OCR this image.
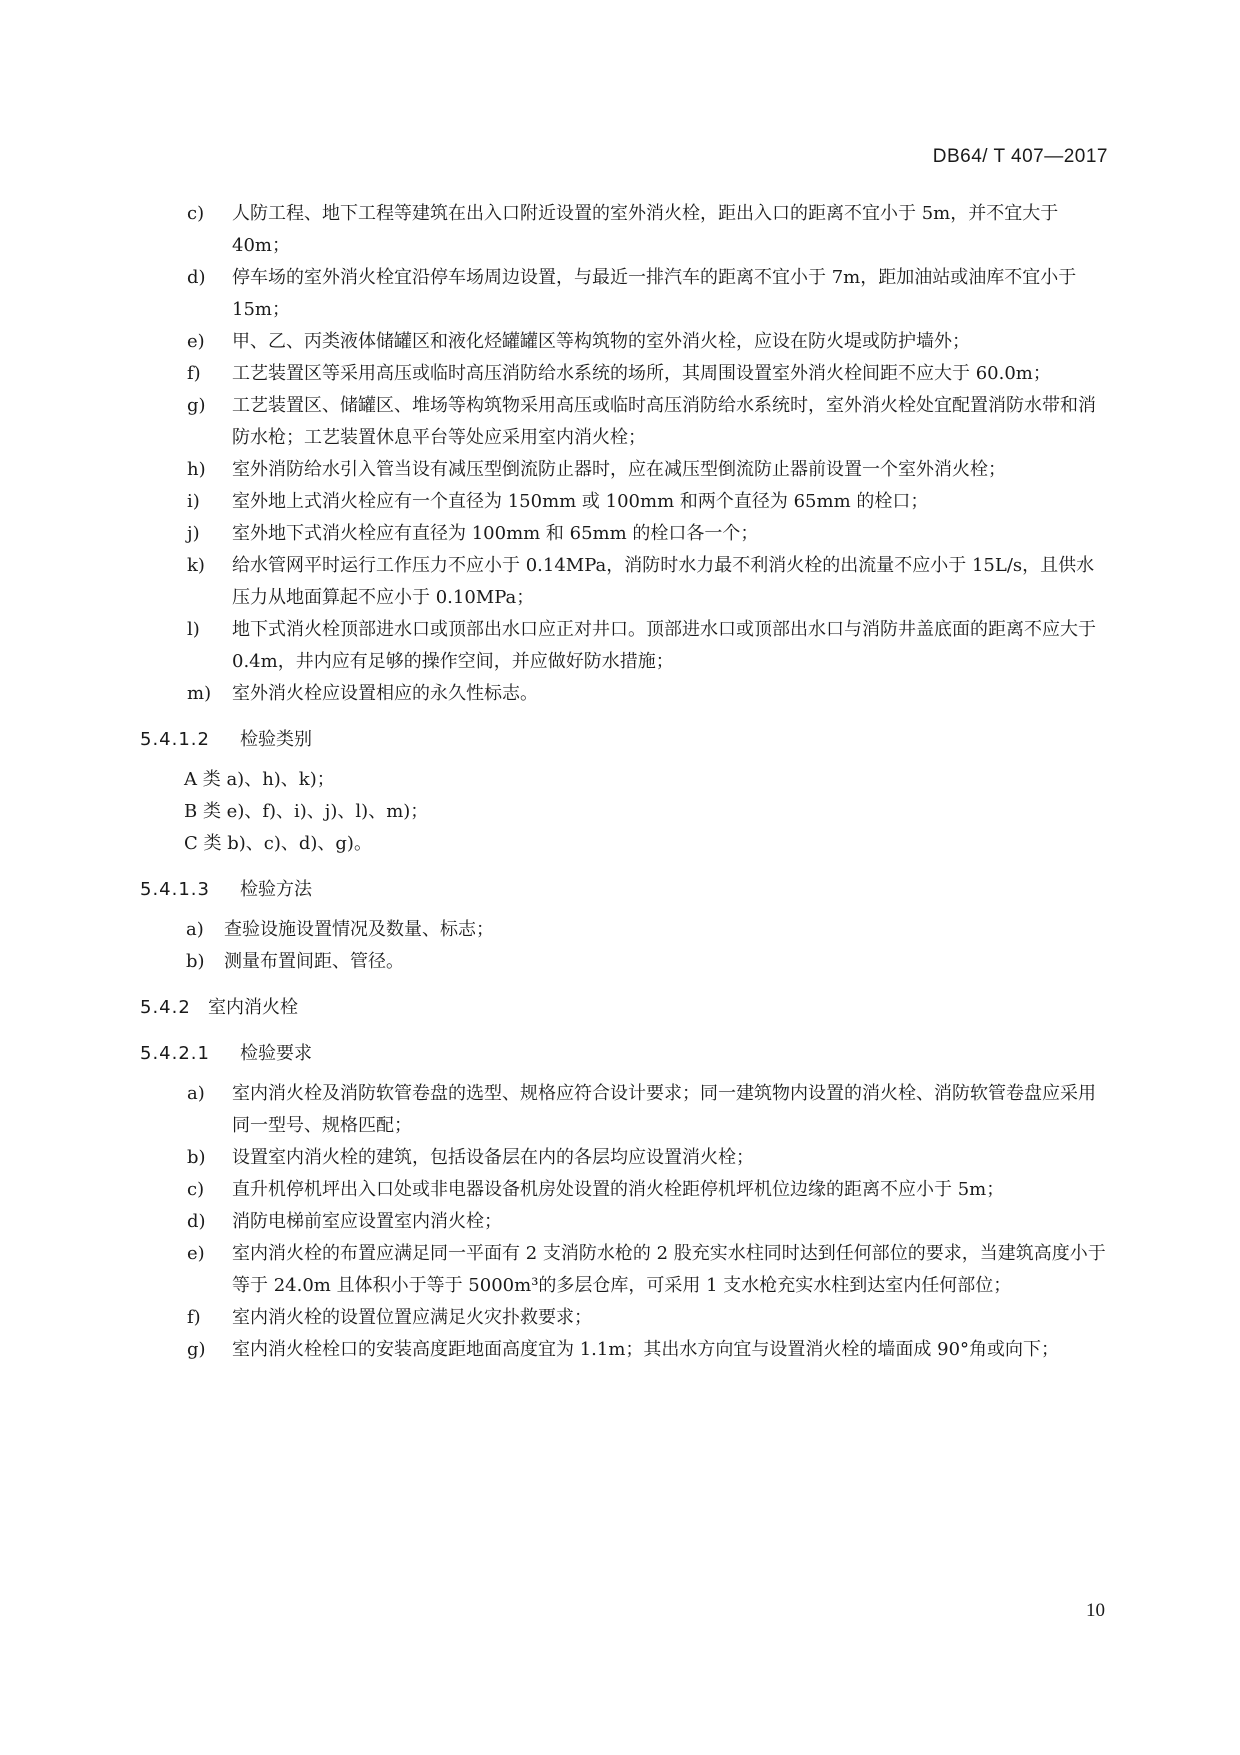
DB64/ T 407—2017
c)	人防工程、地下工程等建筑在出入口附近设置的室外消火栓，距出入口的距离不宜小于 5m，并不宜大于 40m；
d)	停车场的室外消火栓宜沿停车场周边设置，与最近一排汽车的距离不宜小于 7m，距加油站或油库不宜小于 15m；
e)	甲、乙、丙类液体储罐区和液化烃罐罐区等构筑物的室外消火栓，应设在防火堤或防护墙外；
f)	工艺装置区等采用高压或临时高压消防给水系统的场所，其周围设置室外消火栓间距不应大于 60.0m；
g)	工艺装置区、储罐区、堆场等构筑物采用高压或临时高压消防给水系统时，室外消火栓处宜配置消防水带和消防水枪；工艺装置休息平台等处应采用室内消火栓；
h)	室外消防给水引入管当设有减压型倒流防止器时，应在减压型倒流防止器前设置一个室外消火栓；
i)	室外地上式消火栓应有一个直径为 150mm 或 100mm 和两个直径为 65mm 的栓口；
j)	室外地下式消火栓应有直径为 100mm 和 65mm 的栓口各一个；
k)	给水管网平时运行工作压力不应小于 0.14MPa，消防时水力最不利消火栓的出流量不应小于 15L/s，且供水压力从地面算起不应小于 0.10MPa；
l)	地下式消火栓顶部进水口或顶部出水口应正对井口。顶部进水口或顶部出水口与消防井盖底面的距离不应大于 0.4m，井内应有足够的操作空间，并应做好防水措施；
m)	室外消火栓应设置相应的永久性标志。
5.4.1.2 检验类别
A 类 a)、h)、k)；
B 类 e)、f)、i)、j)、l)、m)；
C 类 b)、c)、d)、g)。
5.4.1.3 检验方法
a)	查验设施设置情况及数量、标志；
b)	测量布置间距、管径。
5.4.2 室内消火栓
5.4.2.1 检验要求
a)	室内消火栓及消防软管卷盘的选型、规格应符合设计要求；同一建筑物内设置的消火栓、消防软管卷盘应采用同一型号、规格匹配；
b)	设置室内消火栓的建筑，包括设备层在内的各层均应设置消火栓；
c)	直升机停机坪出入口处或非电器设备机房处设置的消火栓距停机坪机位边缘的距离不应小于 5m；
d)	消防电梯前室应设置室内消火栓；
e)	室内消火栓的布置应满足同一平面有 2 支消防水枪的 2 股充实水柱同时达到任何部位的要求，当建筑高度小于等于 24.0m 且体积小于等于 5000m³的多层仓库，可采用 1 支水枪充实水柱到达室内任何部位；
f)	室内消火栓的设置位置应满足火灾扑救要求；
g)	室内消火栓栓口的安装高度距地面高度宜为 1.1m；其出水方向宜与设置消火栓的墙面成 90°角或向下；
10
